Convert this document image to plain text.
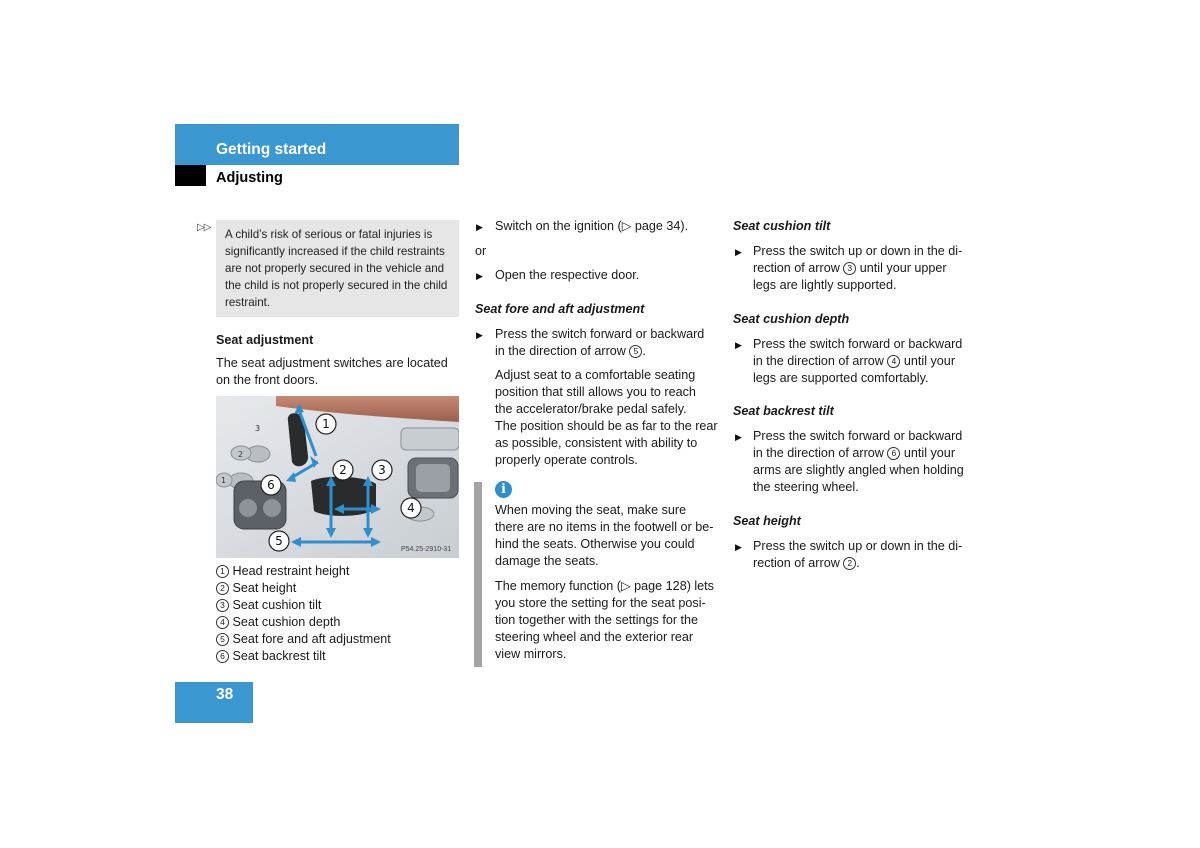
Getting started
Adjusting
▷▷
A child’s risk of serious or fatal injuries is
significantly increased if the child restraints
are not properly secured in the vehicle and
the child is not properly secured in the child
restraint.
Seat adjustment
The seat adjustment switches are located
on the front doors.
3
2
1
1
2	3
4
5
6
P54.25-2910-31
1 Head restraint height
2 Seat height
3 Seat cushion tilt
4 Seat cushion depth
5 Seat fore and aft adjustment
6 Seat backrest tilt
▶ Switch on the ignition (▷ page 34).
or
▶ Open the respective door.
Seat fore and aft adjustment
▶ Press the switch forward or backward
in the direction of arrow 5 .
Adjust seat to a comfortable seating
position that still allows you to reach
the accelerator/brake pedal safely.
The position should be as far to the rear
as possible, consistent with ability to
properly operate controls.
i
When moving the seat, make sure
there are no items in the footwell or be-
hind the seats. Otherwise you could
damage the seats.
The memory function (▷ page 128) lets
you store the setting for the seat posi-
tion together with the settings for the
steering wheel and the exterior rear
view mirrors.
Seat cushion tilt
▶ Press the switch up or down in the di-
rection of arrow 3 until your upper
legs are lightly supported.
Seat cushion depth
▶ Press the switch forward or backward
in the direction of arrow 4 until your
legs are supported comfortably.
Seat backrest tilt
▶ Press the switch forward or backward
in the direction of arrow 6 until your
arms are slightly angled when holding
the steering wheel.
Seat height
▶ Press the switch up or down in the di-
rection of arrow 2 .
38
